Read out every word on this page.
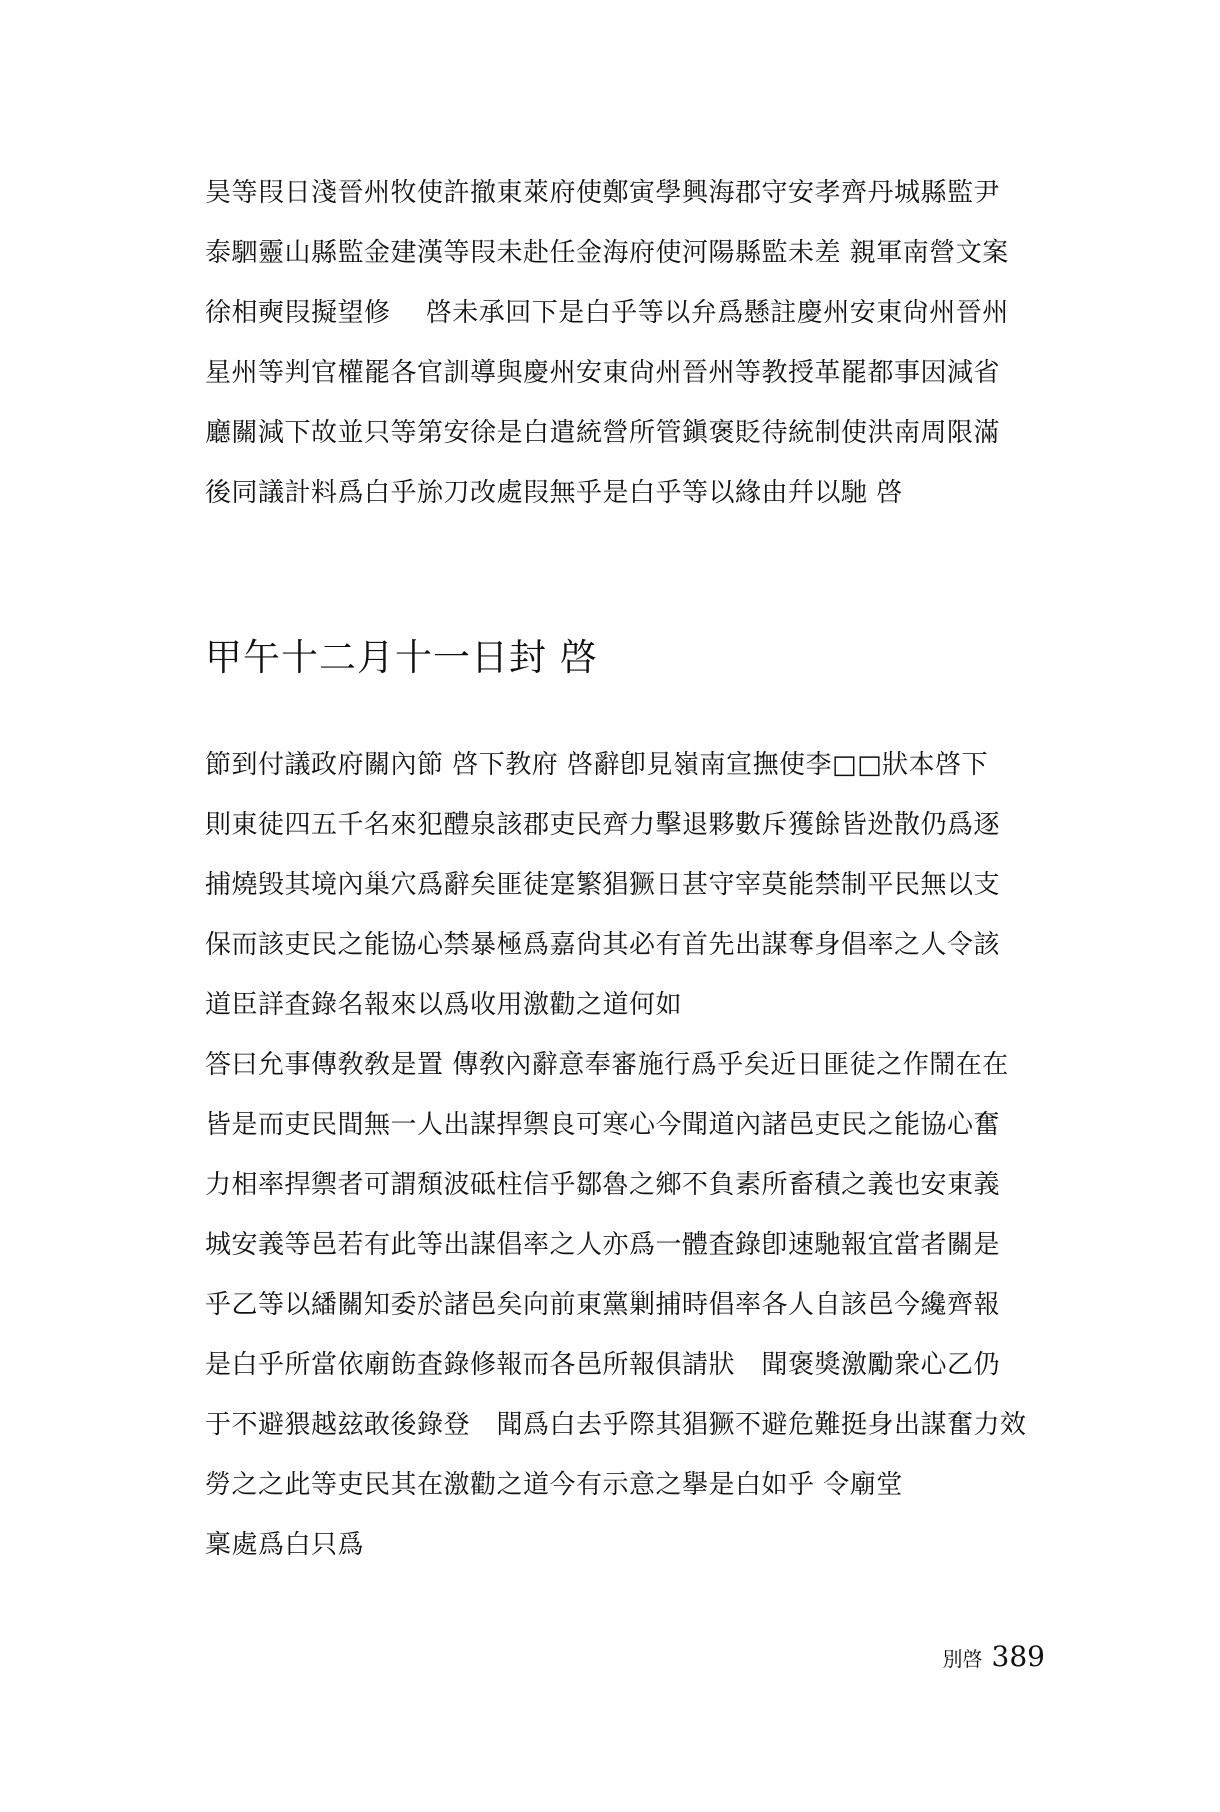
昊等叚日淺晉州牧使許撤東萊府使鄭寅學興海郡守安孝齊丹城縣監尹
泰駟靈山縣監金建漢等叚未赴任金海府使河陽縣監未差 親軍南營文案
徐相奭叚擬望修　 啓未承回下是白乎等以弁爲懸註慶州安東尙州晉州
星州等判官權罷各官訓導與慶州安東尙州晉州等教授革罷都事因減省
廳關減下故並只等第安徐是白遣統營所管鎭褒貶待統制使洪南周限滿
後同議計料爲白乎旀刀改處叚無乎是白乎等以緣由幷以馳 啓
甲午十二月十一日封 啓
節到付議政府關內節 啓下教府 啓辭卽見嶺南宣撫使李□□狀本啓下
則東徒四五千名來犯醴泉該郡吏民齊力擊退夥數斥獲餘皆迯散仍爲逐
捕燒毁其境內巢穴爲辭矣匪徒寔繁猖獗日甚守宰莫能禁制平民無以支
保而該吏民之能協心禁暴極爲嘉尙其必有首先出謀奪身倡率之人令該
道臣詳査錄名報來以爲收用激勸之道何如
答曰允事傳敎敎是置 傳敎內辭意奉審施行爲乎矣近日匪徒之作鬧在在
皆是而吏民間無一人出謀捍禦良可寒心今聞道內諸邑吏民之能協心奮
力相率捍禦者可謂頹波砥柱信乎鄒魯之鄉不負素所畜積之義也安東義
城安義等邑若有此等出謀倡率之人亦爲一體査錄卽速馳報宜當者關是
乎乙等以繙關知委於諸邑矣向前東黨剿捕時倡率各人自該邑今纔齊報
是白乎所當依廟飭査錄修報而各邑所報俱請狀　聞褒獎激勵衆心乙仍
于不避猥越玆敢後錄登　聞爲白去乎際其猖獗不避危難挺身出謀奮力效
勞之之此等吏民其在激勸之道今有示意之擧是白如乎 令廟堂
稟處爲白只爲
別啓 389
